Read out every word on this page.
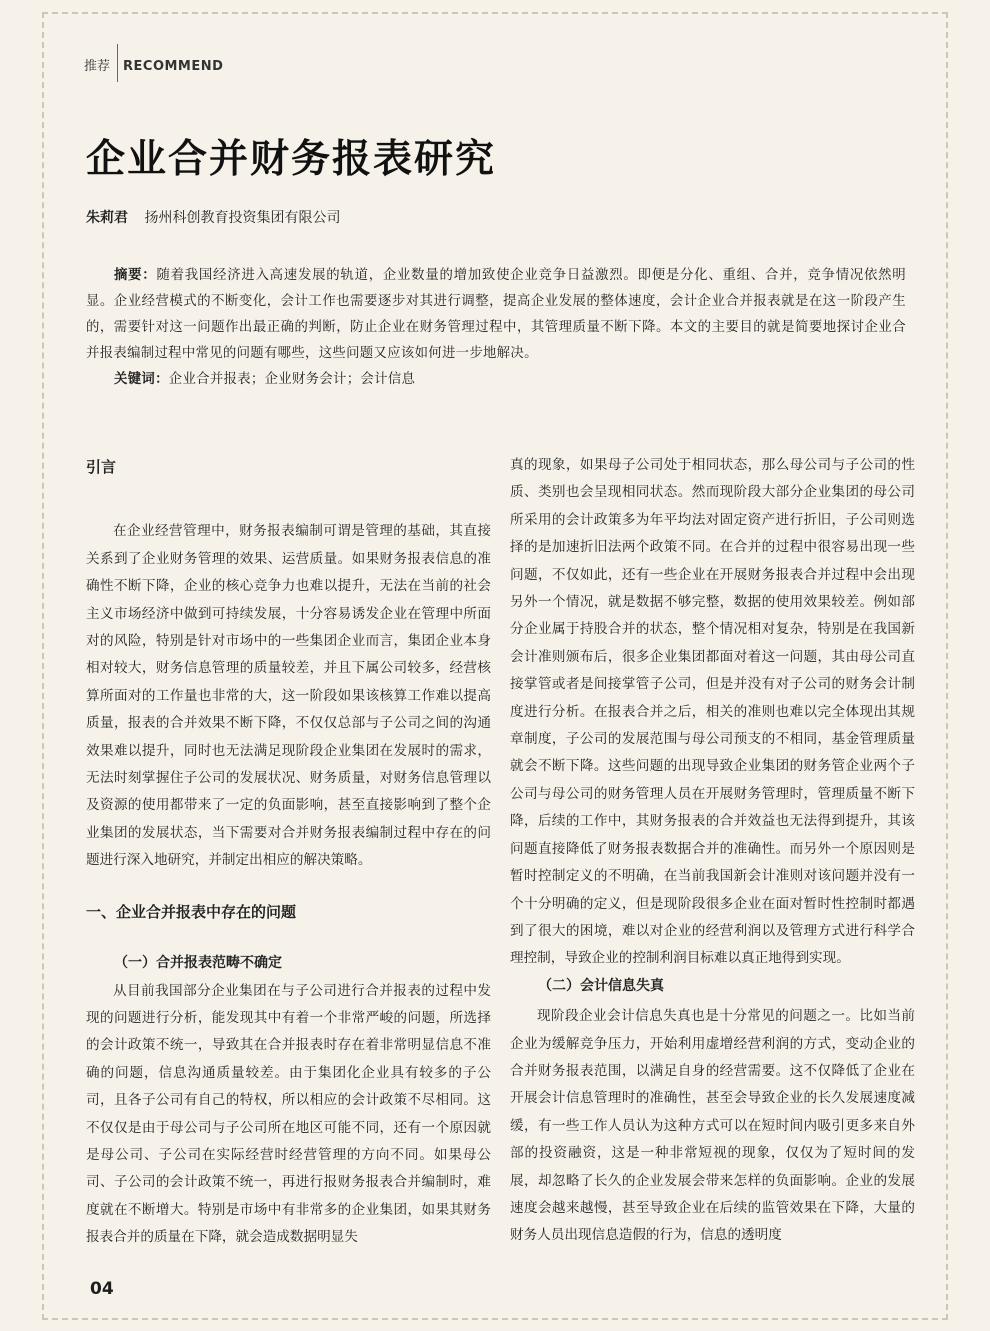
推荐 RECOMMEND
企业合并财务报表研究
朱莉君 扬州科创教育投资集团有限公司

摘要：随着我国经济进入高速发展的轨道，企业数量的增加致使企业竞争日益激烈。即便是分化、重组、合并，竞争情况依然明显。企业经营模式的不断变化，会计工作也需要逐步对其进行调整，提高企业发展的整体速度，会计企业合并报表就是在这一阶段产生的，需要针对这一问题作出最正确的判断，防止企业在财务管理过程中，其管理质量不断下降。本文的主要目的就是简要地探讨企业合并报表编制过程中常见的问题有哪些，这些问题又应该如何进一步地解决。

关键词：企业合并报表；企业财务会计；会计信息

引言

在企业经营管理中，财务报表编制可谓是管理的基础，其直接关系到了企业财务管理的效果、运营质量。如果财务报表信息的准确性不断下降，企业的核心竞争力也难以提升，无法在当前的社会主义市场经济中做到可持续发展，十分容易诱发企业在管理中所面对的风险，特别是针对市场中的一些集团企业而言，集团企业本身相对较大，财务信息管理的质量较差，并且下属公司较多，经营核算所面对的工作量也非常的大，这一阶段如果该核算工作难以提高质量，报表的合并效果不断下降，不仅仅总部与子公司之间的沟通效果难以提升，同时也无法满足现阶段企业集团在发展时的需求，无法时刻掌握住子公司的发展状况、财务质量，对财务信息管理以及资源的使用都带来了一定的负面影响，甚至直接影响到了整个企业集团的发展状态，当下需要对合并财务报表编制过程中存在的问题进行深入地研究，并制定出相应的解决策略。

一、企业合并报表中存在的问题
（一）合并报表范畴不确定

从目前我国部分企业集团在与子公司进行合并报表的过程中发现的问题进行分析，能发现其中有着一个非常严峻的问题，所选择的会计政策不统一，导致其在合并报表时存在着非常明显信息不准确的问题，信息沟通质量较差。由于集团化企业具有较多的子公司，且各子公司有自己的特权，所以相应的会计政策不尽相同。这不仅仅是由于母公司与子公司所在地区可能不同，还有一个原因就是母公司、子公司在实际经营时经营管理的方向不同。如果母公司、子公司的会计政策不统一，再进行报财务报表合并编制时，难度就在不断增大。特别是市场中有非常多的企业集团，如果其财务报表合并的质量在下降，就会造成数据明显失

真的现象，如果母子公司处于相同状态，那么母公司与子公司的性质、类别也会呈现相同状态。然而现阶段大部分企业集团的母公司所采用的会计政策多为年平均法对固定资产进行折旧，子公司则选择的是加速折旧法两个政策不同。在合并的过程中很容易出现一些问题，不仅如此，还有一些企业在开展财务报表合并过程中会出现另外一个情况，就是数据不够完整，数据的使用效果较差。例如部分企业属于持股合并的状态，整个情况相对复杂，特别是在我国新会计准则颁布后，很多企业集团都面对着这一问题，其由母公司直接掌管或者是间接掌管子公司，但是并没有对子公司的财务会计制度进行分析。在报表合并之后，相关的准则也难以完全体现出其规章制度，子公司的发展范围与母公司预支的不相同，基金管理质量就会不断下降。这些问题的出现导致企业集团的财务管企业两个子公司与母公司的财务管理人员在开展财务管理时，管理质量不断下降，后续的工作中，其财务报表的合并效益也无法得到提升，其该问题直接降低了财务报表数据合并的准确性。而另外一个原因则是暂时控制定义的不明确，在当前我国新会计准则对该问题并没有一个十分明确的定义，但是现阶段很多企业在面对暂时性控制时都遇到了很大的困境，难以对企业的经营利润以及管理方式进行科学合理控制，导致企业的控制利润目标难以真正地得到实现。

（二）会计信息失真

现阶段企业会计信息失真也是十分常见的问题之一。比如当前企业为缓解竞争压力，开始利用虚增经营利润的方式，变动企业的合并财务报表范围，以满足自身的经营需要。这不仅降低了企业在开展会计信息管理时的准确性，甚至会导致企业的长久发展速度减缓，有一些工作人员认为这种方式可以在短时间内吸引更多来自外部的投资融资，这是一种非常短视的现象，仅仅为了短时间的发展，却忽略了长久的企业发展会带来怎样的负面影响。企业的发展速度会越来越慢，甚至导致企业在后续的监管效果在下降，大量的财务人员出现信息造假的行为，信息的透明度

04
